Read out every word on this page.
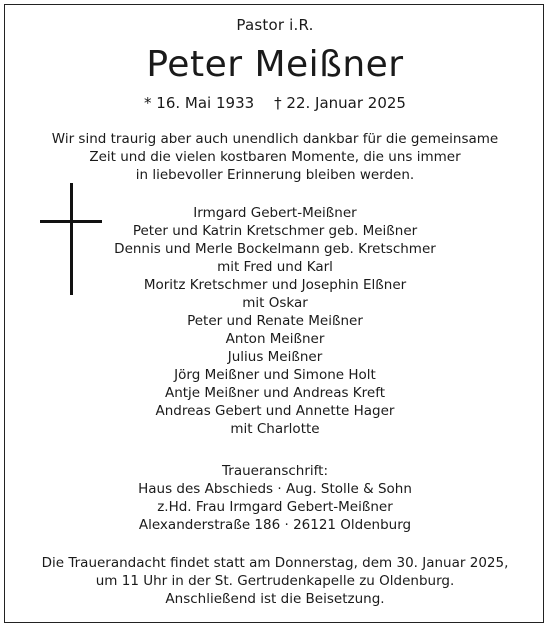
Pastor i.R.
Peter Meißner
* 16. Mai 1933 † 22. Januar 2025
Wir sind traurig aber auch unendlich dankbar für die gemeinsame
Zeit und die vielen kostbaren Momente, die uns immer
in liebevoller Erinnerung bleiben werden.
Irmgard Gebert-Meißner
Peter und Katrin Kretschmer geb. Meißner
Dennis und Merle Bockelmann geb. Kretschmer
mit Fred und Karl
Moritz Kretschmer und Josephin Elßner
mit Oskar
Peter und Renate Meißner
Anton Meißner
Julius Meißner
Jörg Meißner und Simone Holt
Antje Meißner und Andreas Kreft
Andreas Gebert und Annette Hager
mit Charlotte
Traueranschrift:
Haus des Abschieds · Aug. Stolle & Sohn
z.Hd. Frau Irmgard Gebert-Meißner
Alexanderstraße 186 · 26121 Oldenburg
Die Trauerandacht findet statt am Donnerstag, dem 30. Januar 2025,
um 11 Uhr in der St. Gertrudenkapelle zu Oldenburg.
Anschließend ist die Beisetzung.
